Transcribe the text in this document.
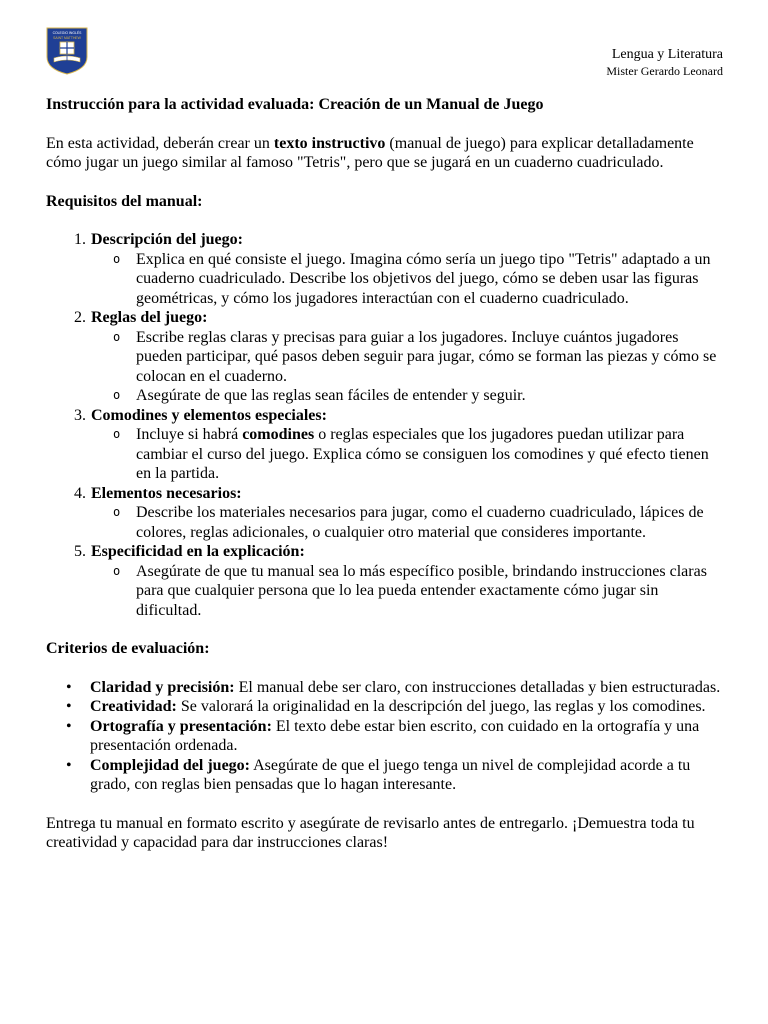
COLEGIO INGLÉS
SAINT MATTHEW
Lengua y Literatura
Mister Gerardo Leonard

Instrucción para la actividad evaluada: Creación de un Manual de Juego

En esta actividad, deberán crear un texto instructivo (manual de juego) para explicar detalladamente cómo jugar un juego similar al famoso "Tetris", pero que se jugará en un cuaderno cuadriculado.

Requisitos del manual:

1. Descripción del juego:
o Explica en qué consiste el juego. Imagina cómo sería un juego tipo "Tetris" adaptado a un cuaderno cuadriculado. Describe los objetivos del juego, cómo se deben usar las figuras geométricas, y cómo los jugadores interactúan con el cuaderno cuadriculado.
2. Reglas del juego:
o Escribe reglas claras y precisas para guiar a los jugadores. Incluye cuántos jugadores pueden participar, qué pasos deben seguir para jugar, cómo se forman las piezas y cómo se colocan en el cuaderno.
o Asegúrate de que las reglas sean fáciles de entender y seguir.
3. Comodines y elementos especiales:
o Incluye si habrá comodines o reglas especiales que los jugadores puedan utilizar para cambiar el curso del juego. Explica cómo se consiguen los comodines y qué efecto tienen en la partida.
4. Elementos necesarios:
o Describe los materiales necesarios para jugar, como el cuaderno cuadriculado, lápices de colores, reglas adicionales, o cualquier otro material que consideres importante.
5. Especificidad en la explicación:
o Asegúrate de que tu manual sea lo más específico posible, brindando instrucciones claras para que cualquier persona que lo lea pueda entender exactamente cómo jugar sin dificultad.

Criterios de evaluación:

• Claridad y precisión: El manual debe ser claro, con instrucciones detalladas y bien estructuradas.
• Creatividad: Se valorará la originalidad en la descripción del juego, las reglas y los comodines.
• Ortografía y presentación: El texto debe estar bien escrito, con cuidado en la ortografía y una presentación ordenada.
• Complejidad del juego: Asegúrate de que el juego tenga un nivel de complejidad acorde a tu grado, con reglas bien pensadas que lo hagan interesante.

Entrega tu manual en formato escrito y asegúrate de revisarlo antes de entregarlo. ¡Demuestra toda tu creatividad y capacidad para dar instrucciones claras!
